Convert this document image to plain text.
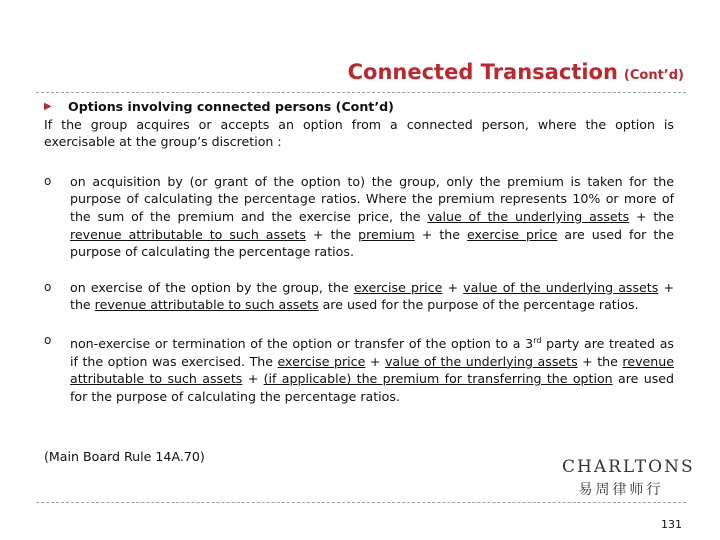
Connected Transaction (Cont’d)
▶	Options involving connected persons (Cont’d)
If the group acquires or accepts an option from a connected person, where the option is exercisable at the group’s discretion :
o	on acquisition by (or grant of the option to) the group, only the premium is taken for the purpose of calculating the percentage ratios. Where the premium represents 10% or more of the sum of the premium and the exercise price, the value of the underlying assets + the revenue attributable to such assets + the premium + the exercise price are used for the purpose of calculating the percentage ratios.
o	on exercise of the option by the group, the exercise price + value of the underlying assets + the revenue attributable to such assets are used for the purpose of the percentage ratios.
o	non-exercise or termination of the option or transfer of the option to a 3rd party are treated as if the option was exercised. The exercise price + value of the underlying assets + the revenue attributable to such assets + (if applicable) the premium for transferring the option are used for the purpose of calculating the percentage ratios.
(Main Board Rule 14A.70)
CHARLTONS
易周律师行
131
